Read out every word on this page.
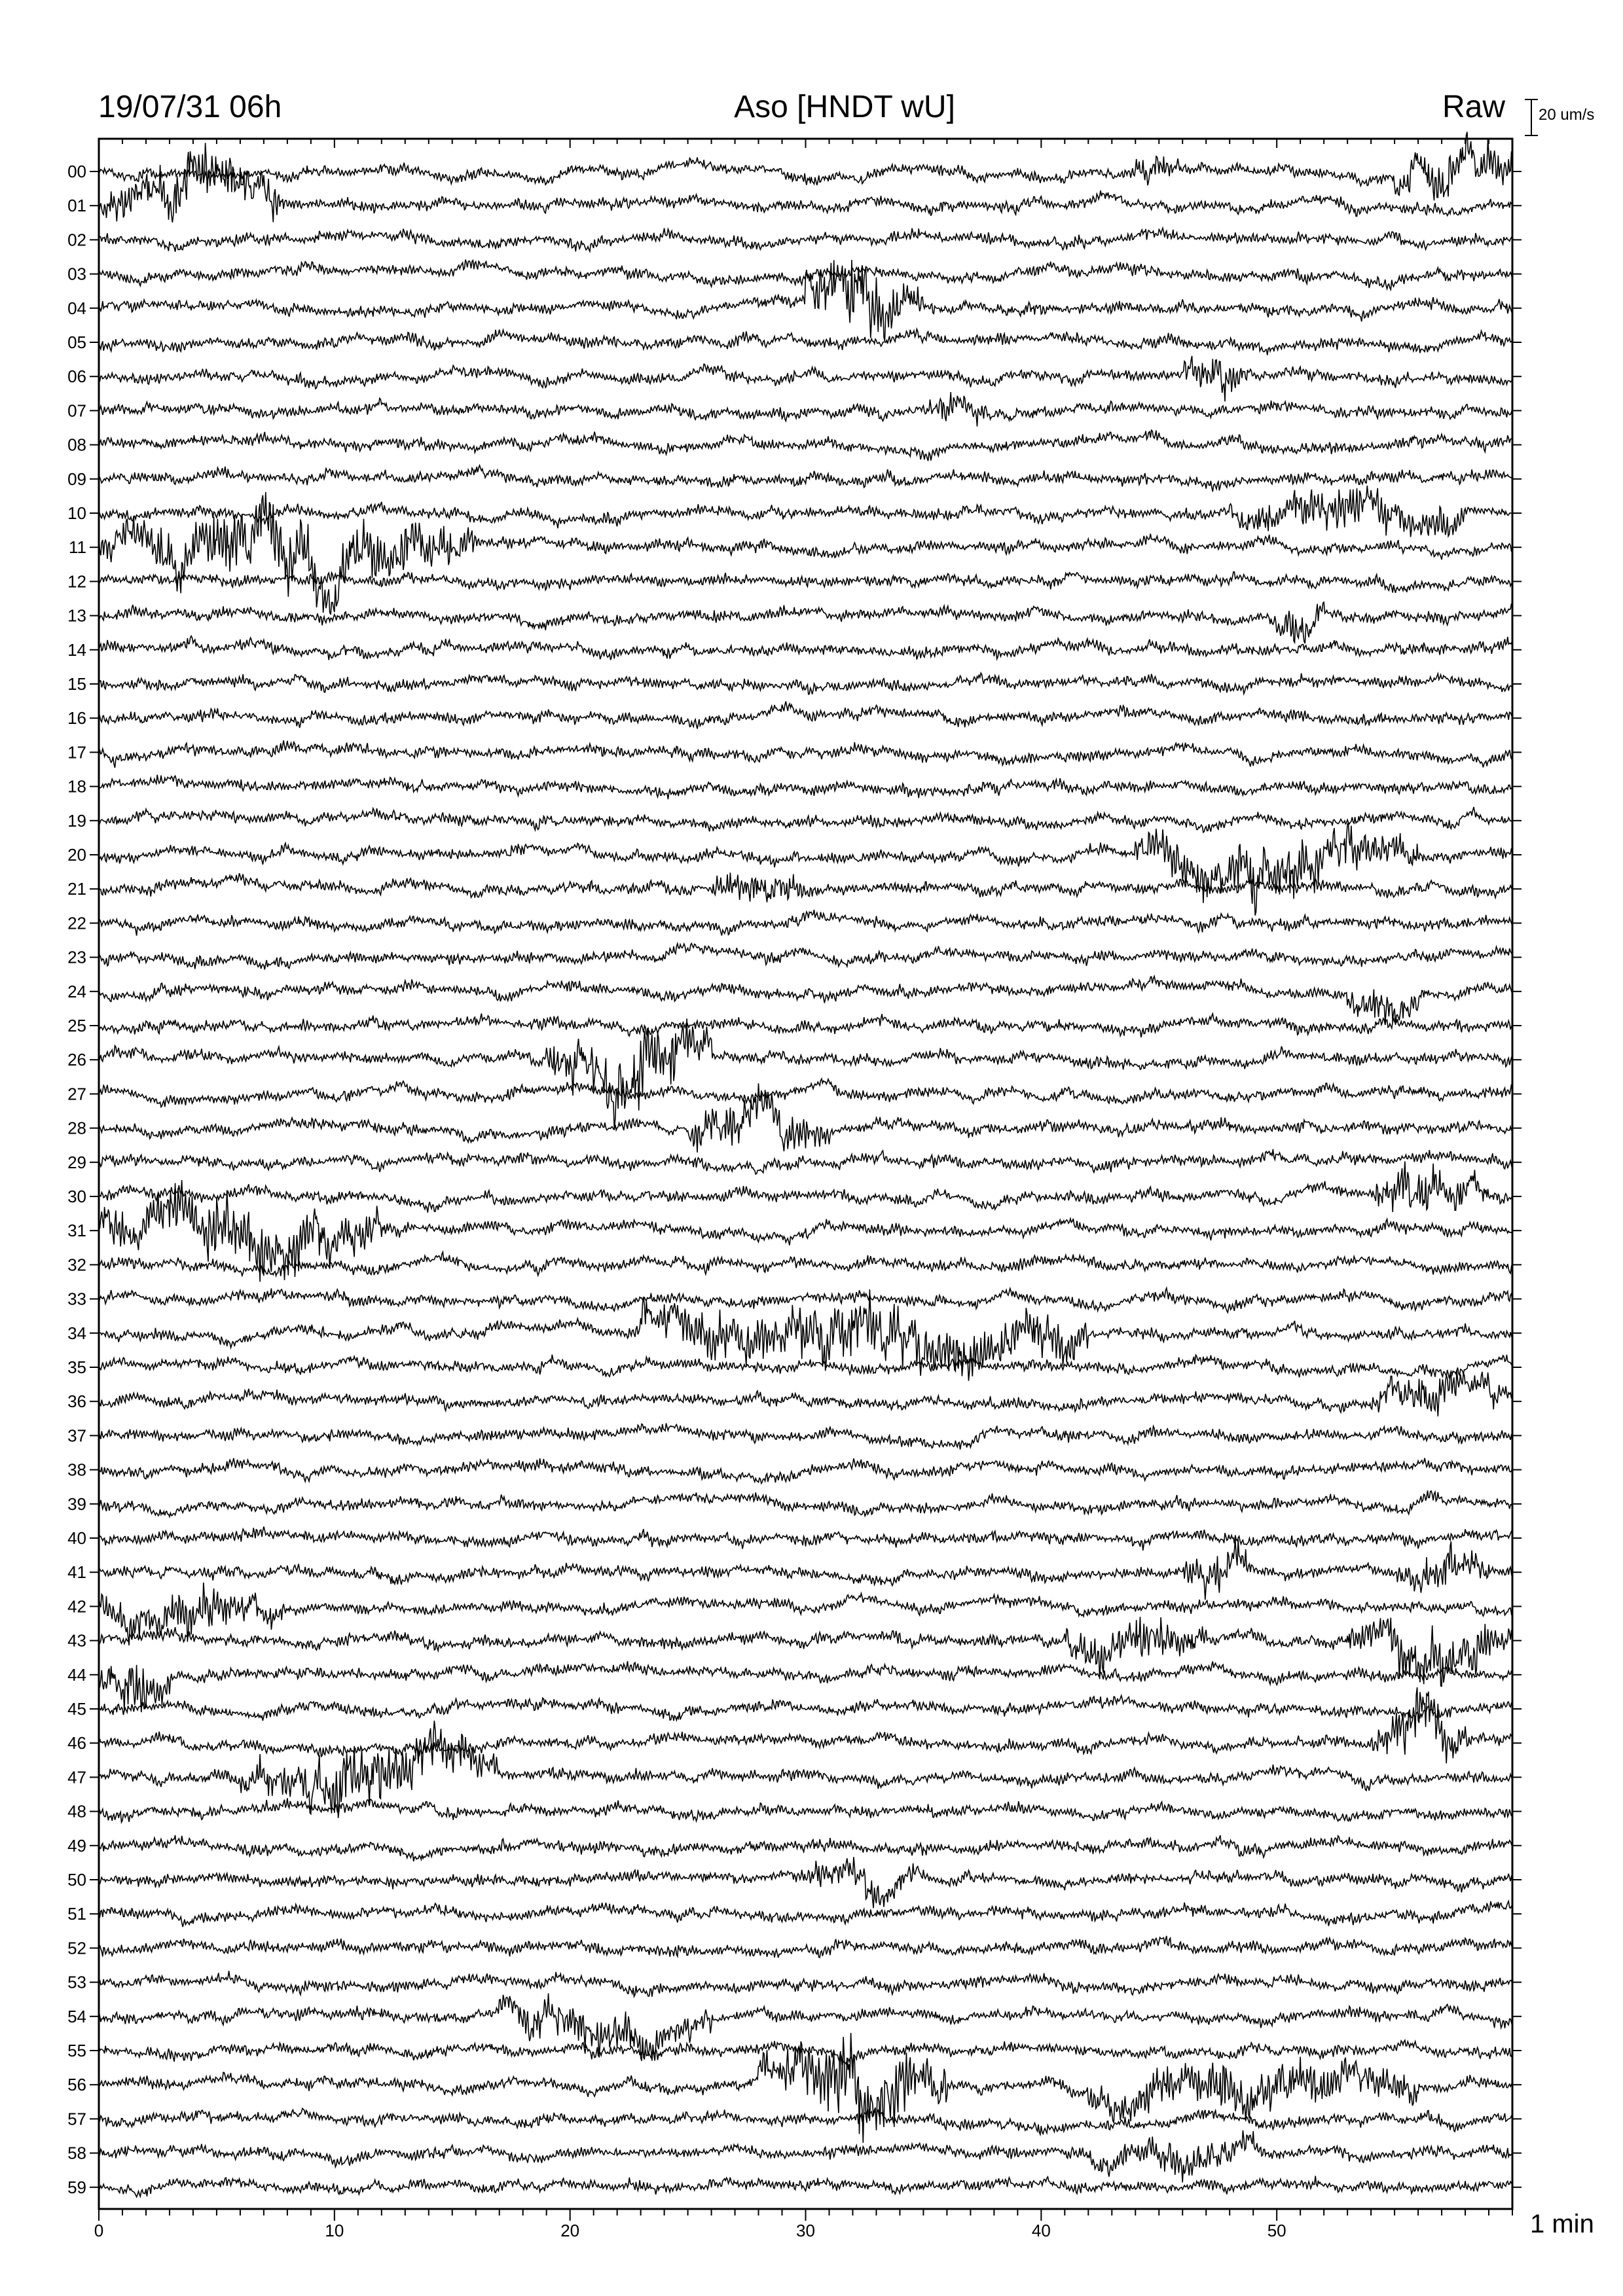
19/07/31 06h	Aso [HNDT wU]	Raw 20 um/s
1 min
00
01
02
03
04
05
06
07
08
09
10
11
12
13
14
15
16
17
18
19
20
21
22
23
24
25
26
27
28
29
30
31
32
33
34
35
36
37
38
39
40
41
42
43
44
45
46
47
48
49
50
51
52
53
54
55
56
57
58
59
0	10	20	30	40	50
